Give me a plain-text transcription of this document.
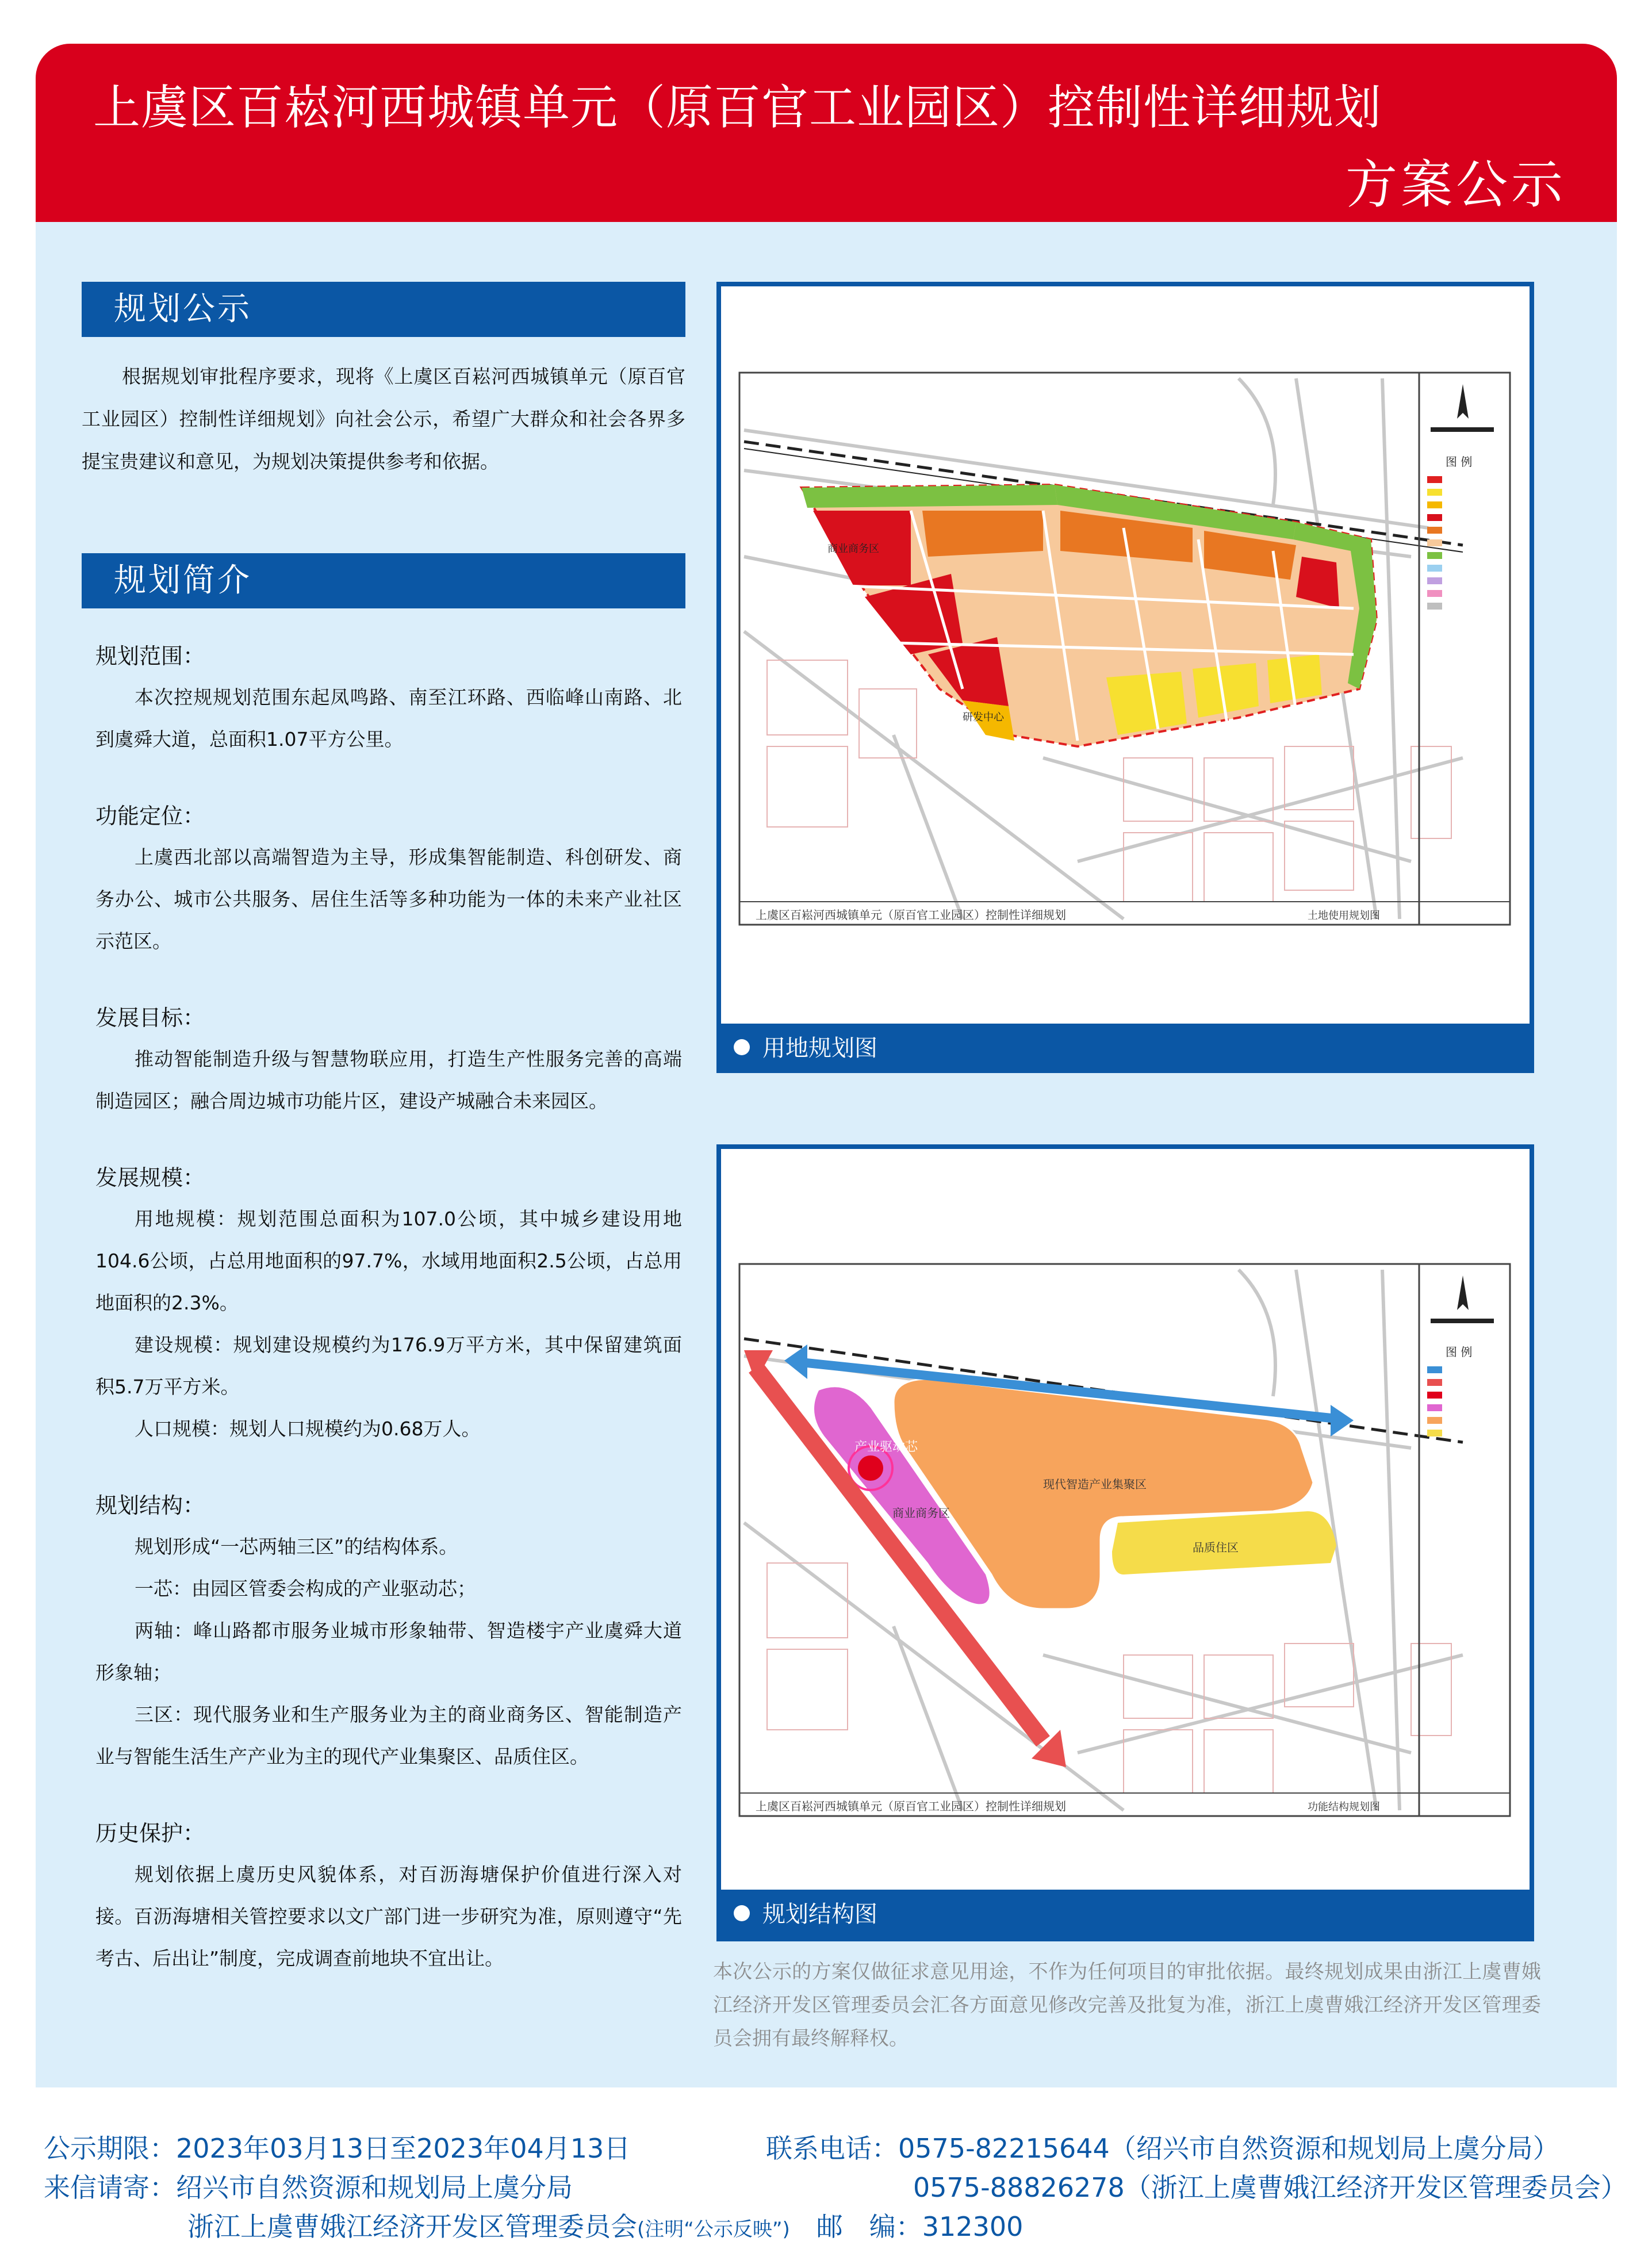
上虞区百崧河西城镇单元（原百官工业园区）控制性详细规划
方案公示
规划公示

根据规划审批程序要求，现将《上虞区百崧河西城镇单元（原百官工业园区）控制性详细规划》向社会公示，希望广大群众和社会各界多提宝贵建议和意见，为规划决策提供参考和依据。

规划简介

规划范围：

本次控规规划范围东起凤鸣路、南至江环路、西临峰山南路、北到虞舜大道，总面积1.07平方公里。

功能定位：

上虞西北部以高端智造为主导，形成集智能制造、科创研发、商务办公、城市公共服务、居住生活等多种功能为一体的未来产业社区示范区。

发展目标：

推动智能制造升级与智慧物联应用，打造生产性服务完善的高端制造园区；融合周边城市功能片区，建设产城融合未来园区。

发展规模：

用地规模：规划范围总面积为107.0公顷，其中城乡建设用地104.6公顷，占总用地面积的97.7%，水域用地面积2.5公顷，占总用地面积的2.3%。

建设规模：规划建设规模约为176.9万平方米，其中保留建筑面积5.7万平方米。

人口规模：规划人口规模约为0.68万人。

规划结构：

规划形成“一芯两轴三区”的结构体系。

一芯：由园区管委会构成的产业驱动芯；

两轴：峰山路都市服务业城市形象轴带、智造楼宇产业虞舜大道形象轴；

三区：现代服务业和生产服务业为主的商业商务区、智能制造产业与智能生活生产产业为主的现代产业集聚区、品质住区。

历史保护：

规划依据上虞历史风貌体系，对百沥海塘保护价值进行深入对接。百沥海塘相关管控要求以文广部门进一步研究为准，原则遵守“先考古、后出让”制度，完成调查前地块不宜出让。

图 例
商业商务区
研发中心
上虞区百崧河西城镇单元（原百官工业园区）控制性详细规划	土地使用规划图
用地规划图
产业驱动芯
现代智造产业集聚区
品质住区
商业商务区
图 例
上虞区百崧河西城镇单元（原百官工业园区）控制性详细规划	功能结构规划图
规划结构图

本次公示的方案仅做征求意见用途，不作为任何项目的审批依据。最终规划成果由浙江上虞曹娥江经济开发区管理委员会汇各方面意见修改完善及批复为准，浙江上虞曹娥江经济开发区管理委员会拥有最终解释权。

公示期限：2023年03月13日至2023年04月13日	联系电话：0575-82215644（绍兴市自然资源和规划局上虞分局）
0575-88826278（浙江上虞曹娥江经济开发区管理委员会）
来信请寄：绍兴市自然资源和规划局上虞分局
浙江上虞曹娥江经济开发区管理委员会(注明“公示反映”)　 邮　编：312300
